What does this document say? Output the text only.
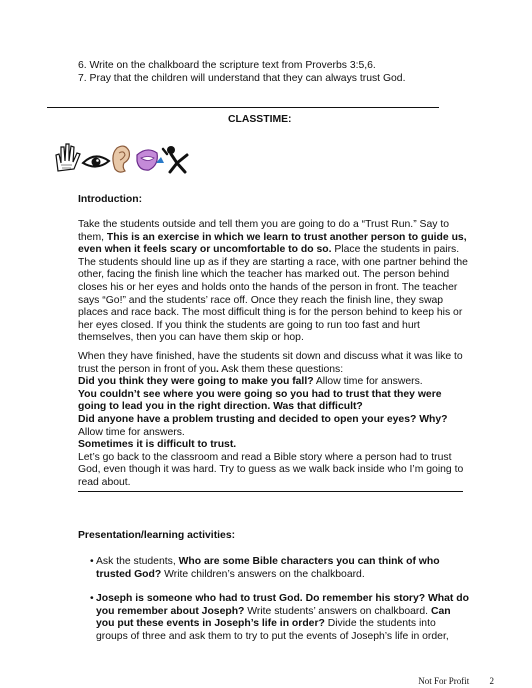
6. Write on the chalkboard the scripture text from Proverbs 3:5,6.
7. Pray that the children will understand that they can always trust God.
CLASSTIME:
Introduction:
Take the students outside and tell them you are going to do a “Trust Run.” Say to them, This is an exercise in which we learn to trust another person to guide us, even when it feels scary or uncomfortable to do so. Place the students in pairs. The students should line up as if they are starting a race, with one partner behind the other, facing the finish line which the teacher has marked out. The person behind closes his or her eyes and holds onto the hands of the person in front. The teacher says “Go!” and the students’ race off. Once they reach the finish line, they swap places and race back. The most difficult thing is for the person behind to keep his or her eyes closed. If you think the students are going to run too fast and hurt themselves, then you can have them skip or hop.
When they have finished, have the students sit down and discuss what it was like to trust the person in front of you. Ask them these questions:
Did you think they were going to make you fall? Allow time for answers.
You couldn’t see where you were going so you had to trust that they were going to lead you in the right direction. Was that difficult?
Did anyone have a problem trusting and decided to open your eyes? Why? Allow time for answers.
Sometimes it is difficult to trust.
Let’s go back to the classroom and read a Bible story where a person had to trust God, even though it was hard. Try to guess as we walk back inside who I’m going to read about.
Presentation/learning activities:
• Ask the students, Who are some Bible characters you can think of who trusted God? Write children’s answers on the chalkboard.
• Joseph is someone who had to trust God. Do remember his story? What do you remember about Joseph? Write students’ answers on chalkboard. Can you put these events in Joseph’s life in order? Divide the students into groups of three and ask them to try to put the events of Joseph’s life in order,
Not For Profit 2
